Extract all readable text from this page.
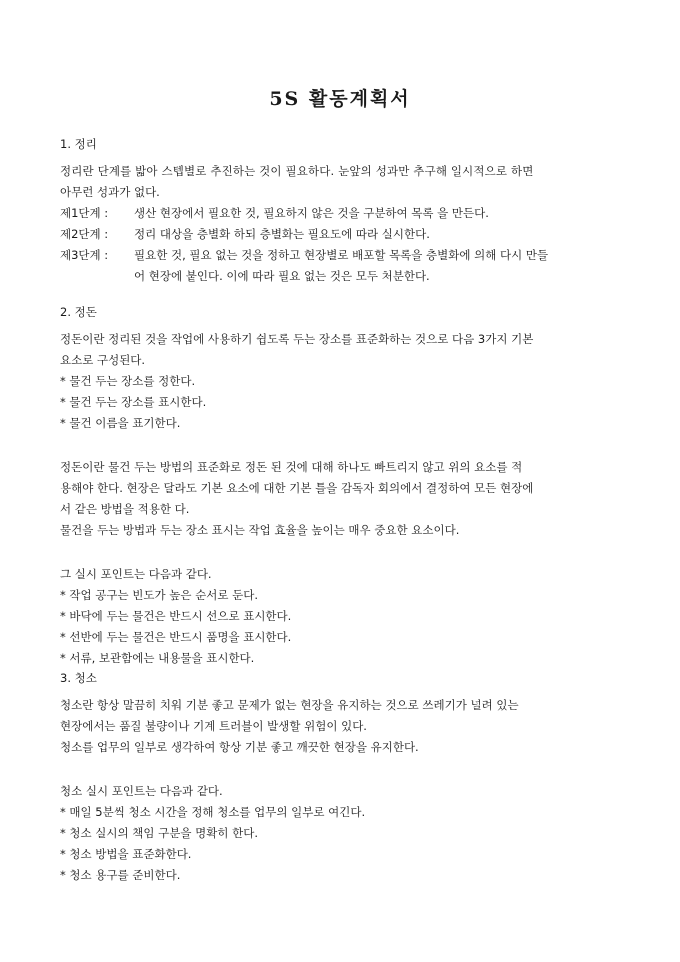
5S 활동계획서

1. 정리

정리란 단계를 밟아 스텝별로 추진하는 것이 필요하다. 눈앞의 성과만 추구해 일시적으로 하면

아무런 성과가 없다.

제1단계 :	생산 현장에서 필요한 것, 필요하지 않은 것을 구분하여 목록 을 만든다.

제2단계 :	정리 대상을 층별화 하되 층별화는 필요도에 따라 실시한다.

제3단계 :	필요한 것, 필요 없는 것을 정하고 현장별로 배포할 목록을 층별화에 의해 다시 만들

어 현장에 붙인다. 이에 따라 필요 없는 것은 모두 처분한다.

2. 정돈

정돈이란 정리된 것을 작업에 사용하기 쉽도록 두는 장소를 표준화하는 것으로 다음 3가지 기본

요소로 구성된다.

* 물건 두는 장소를 정한다.

* 물건 두는 장소를 표시한다.

* 물건 이름을 표기한다.

정돈이란 물건 두는 방법의 표준화로 정돈 된 것에 대해 하나도 빠트리지 않고 위의 요소를 적

용해야 한다. 현장은 달라도 기본 요소에 대한 기본 틀을 감독자 회의에서 결정하여 모든 현장에

서 같은 방법을 적용한 다.

물건을 두는 방법과 두는 장소 표시는 작업 효율을 높이는 매우 중요한 요소이다.

그 실시 포인트는 다음과 같다.

* 작업 공구는 빈도가 높은 순서로 둔다.

* 바닥에 두는 물건은 반드시 선으로 표시한다.

* 선반에 두는 물건은 반드시 품명을 표시한다.

* 서류, 보관함에는 내용물을 표시한다.

3. 청소

청소란 항상 말끔히 치워 기분 좋고 문제가 없는 현장을 유지하는 것으로 쓰레기가 널려 있는

현장에서는 품질 불량이나 기계 트러블이 발생할 위험이 있다.

청소를 업무의 일부로 생각하여 항상 기분 좋고 깨끗한 현장을 유지한다.

청소 실시 포인트는 다음과 같다.

* 매일 5분씩 청소 시간을 정해 청소를 업무의 일부로 여긴다.

* 청소 실시의 책임 구분을 명확히 한다.

* 청소 방법을 표준화한다.

* 청소 용구를 준비한다.
